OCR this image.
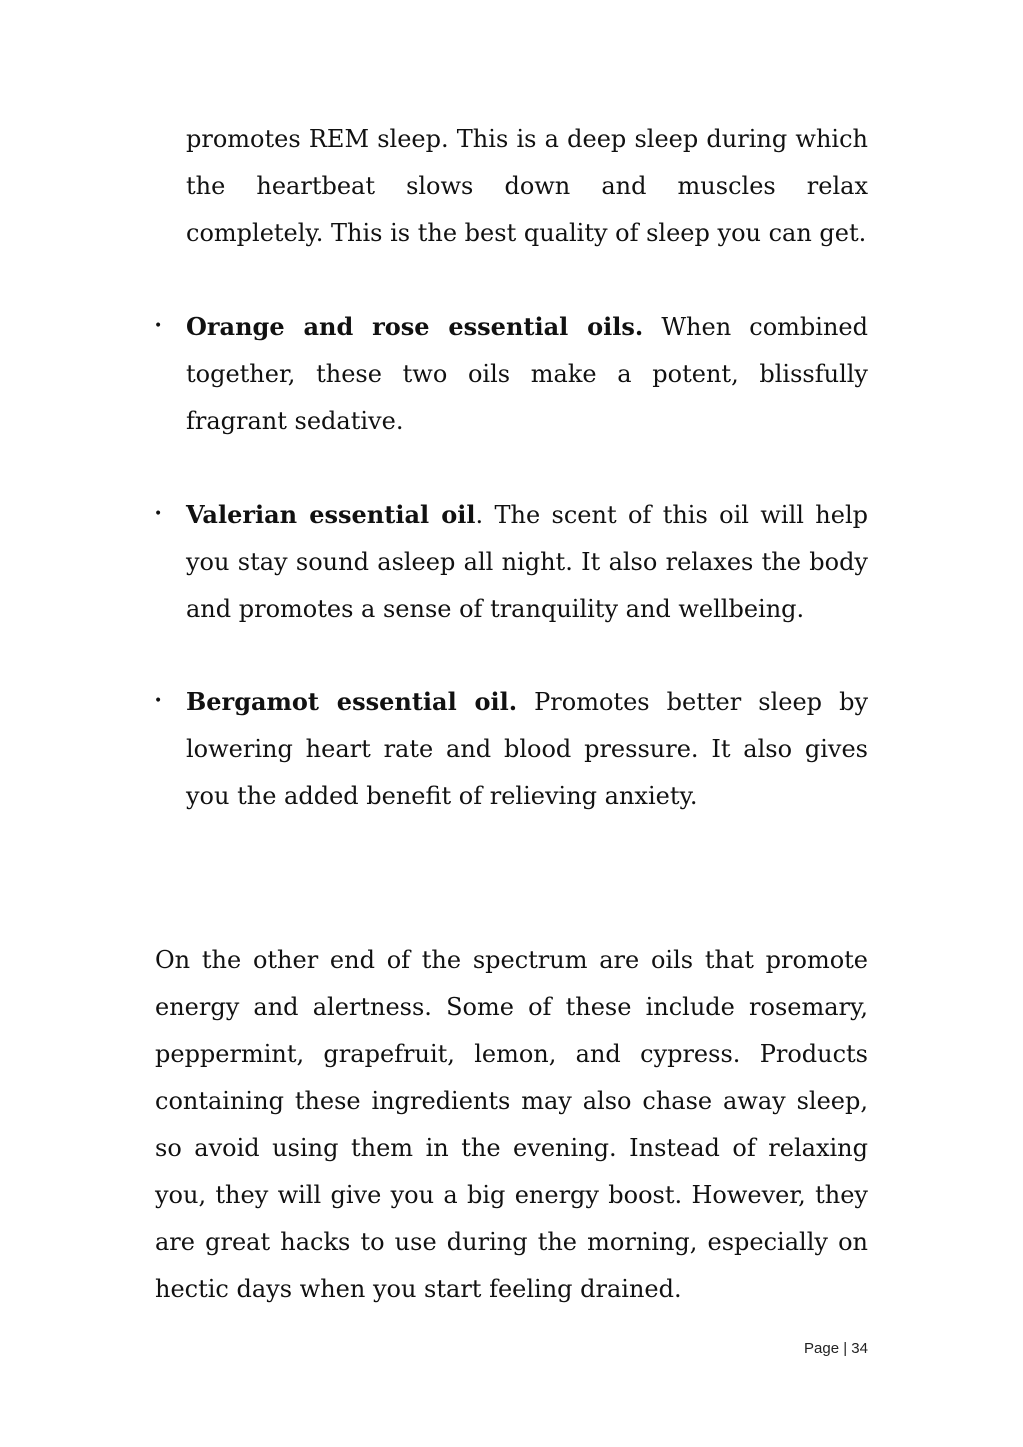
promotes REM sleep. This is a deep sleep during which the heartbeat slows down and muscles relax completely. This is the best quality of sleep you can get.

• Orange and rose essential oils. When combined together, these two oils make a potent, blissfully fragrant sedative.

• Valerian essential oil. The scent of this oil will help you stay sound asleep all night. It also relaxes the body and promotes a sense of tranquility and wellbeing.

• Bergamot essential oil. Promotes better sleep by lowering heart rate and blood pressure. It also gives you the added benefit of relieving anxiety.

On the other end of the spectrum are oils that promote energy and alertness. Some of these include rosemary, peppermint, grapefruit, lemon, and cypress. Products containing these ingredients may also chase away sleep, so avoid using them in the evening. Instead of relaxing you, they will give you a big energy boost. However, they are great hacks to use during the morning, especially on hectic days when you start feeling drained.

Page | 34
